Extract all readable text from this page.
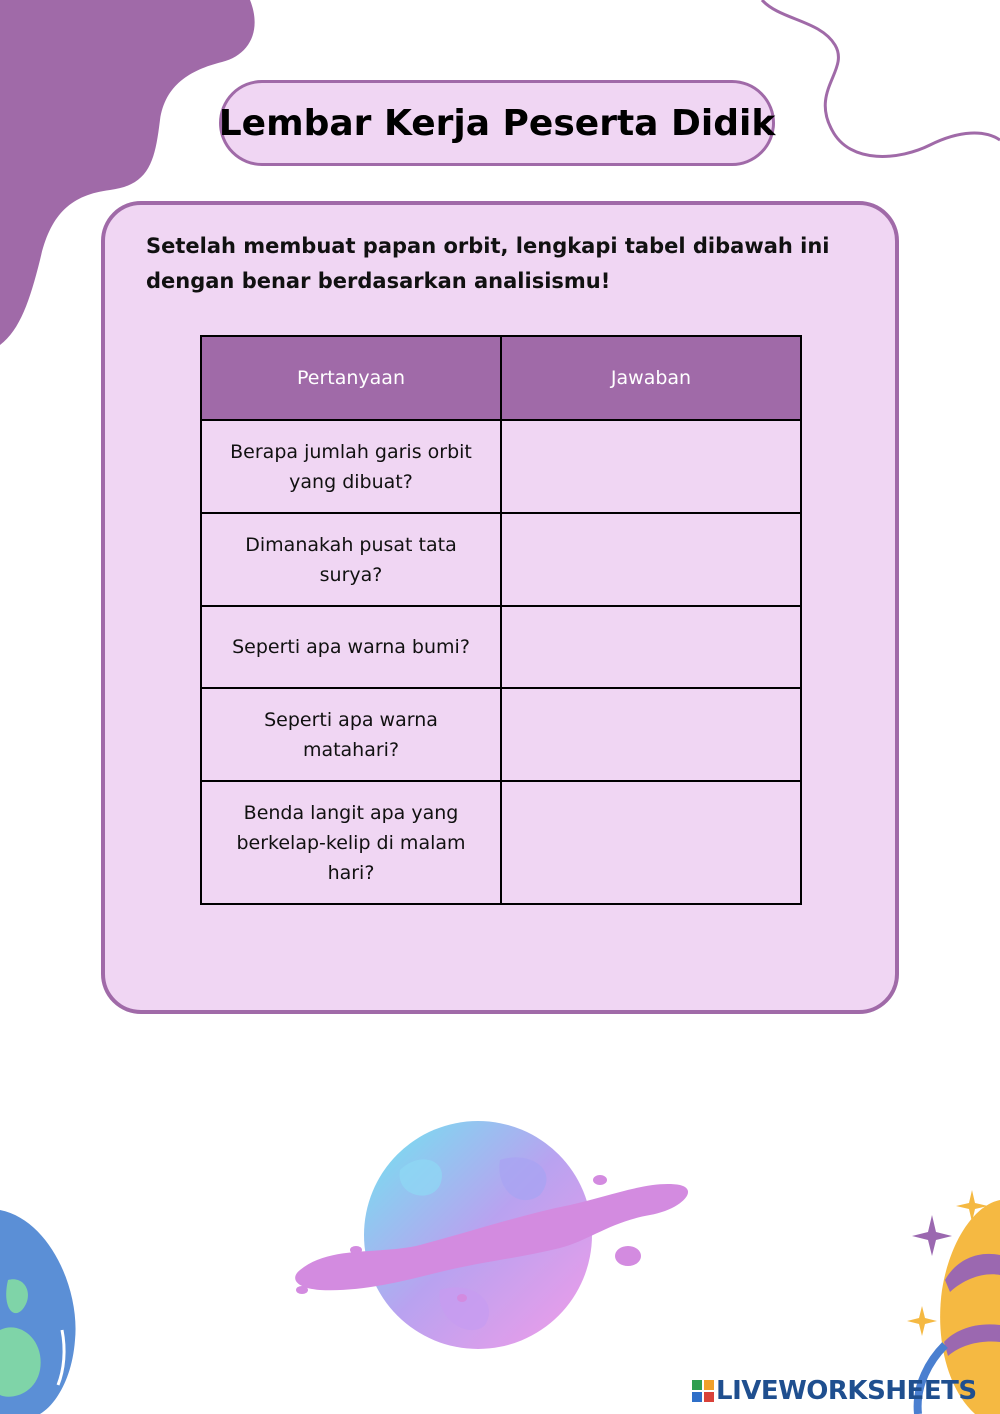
Lembar Kerja Peserta Didik
Setelah membuat papan orbit, lengkapi tabel dibawah ini
dengan benar berdasarkan analisismu!
Pertanyaan	Jawaban
Berapa jumlah garis orbit yang dibuat?	
Dimanakah pusat tata surya?	
Seperti apa warna bumi?	
Seperti apa warna matahari?	
Benda langit apa yang berkelap-kelip di malam hari?	
LIVEWORKSHEETS
